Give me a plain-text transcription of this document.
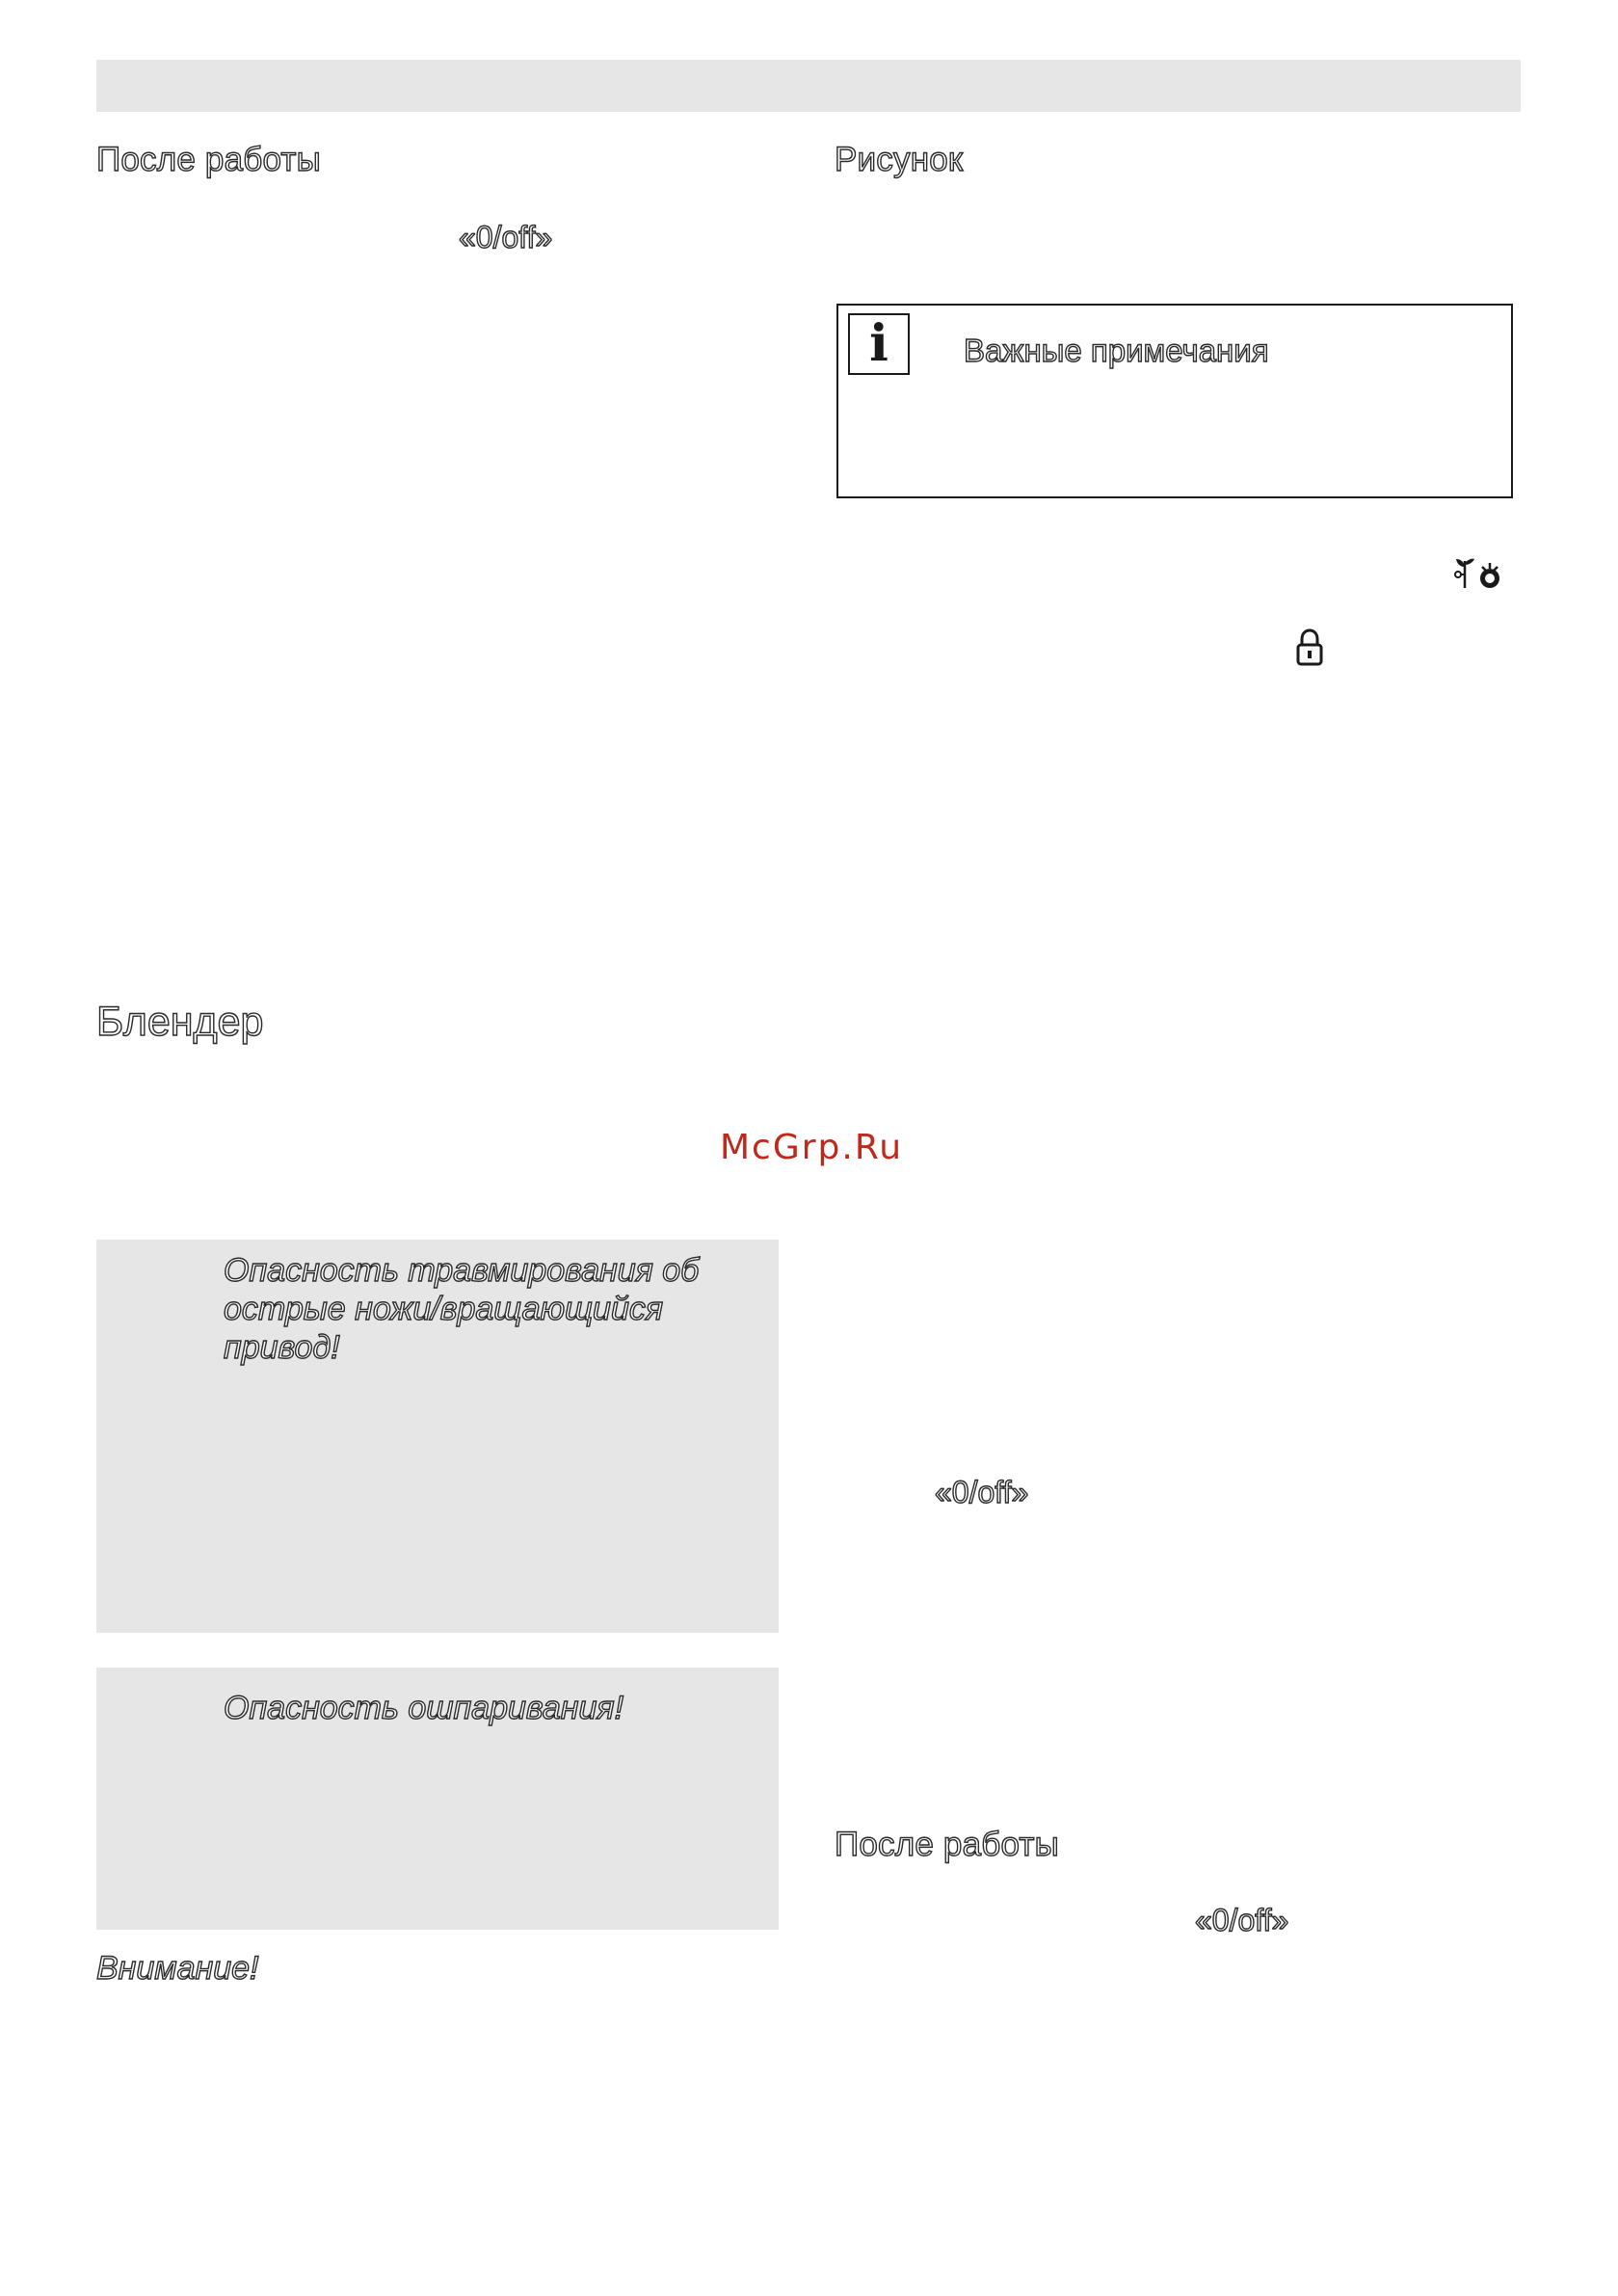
После работы
«0/off»
Блендер
McGrp.Ru
Опасность травмирования об острые ножи/вращающийся привод!
Опасность ошпаривания!
Внимание!
Рисунок
i	Важные примечания
«0/off»
После работы
«0/off»
